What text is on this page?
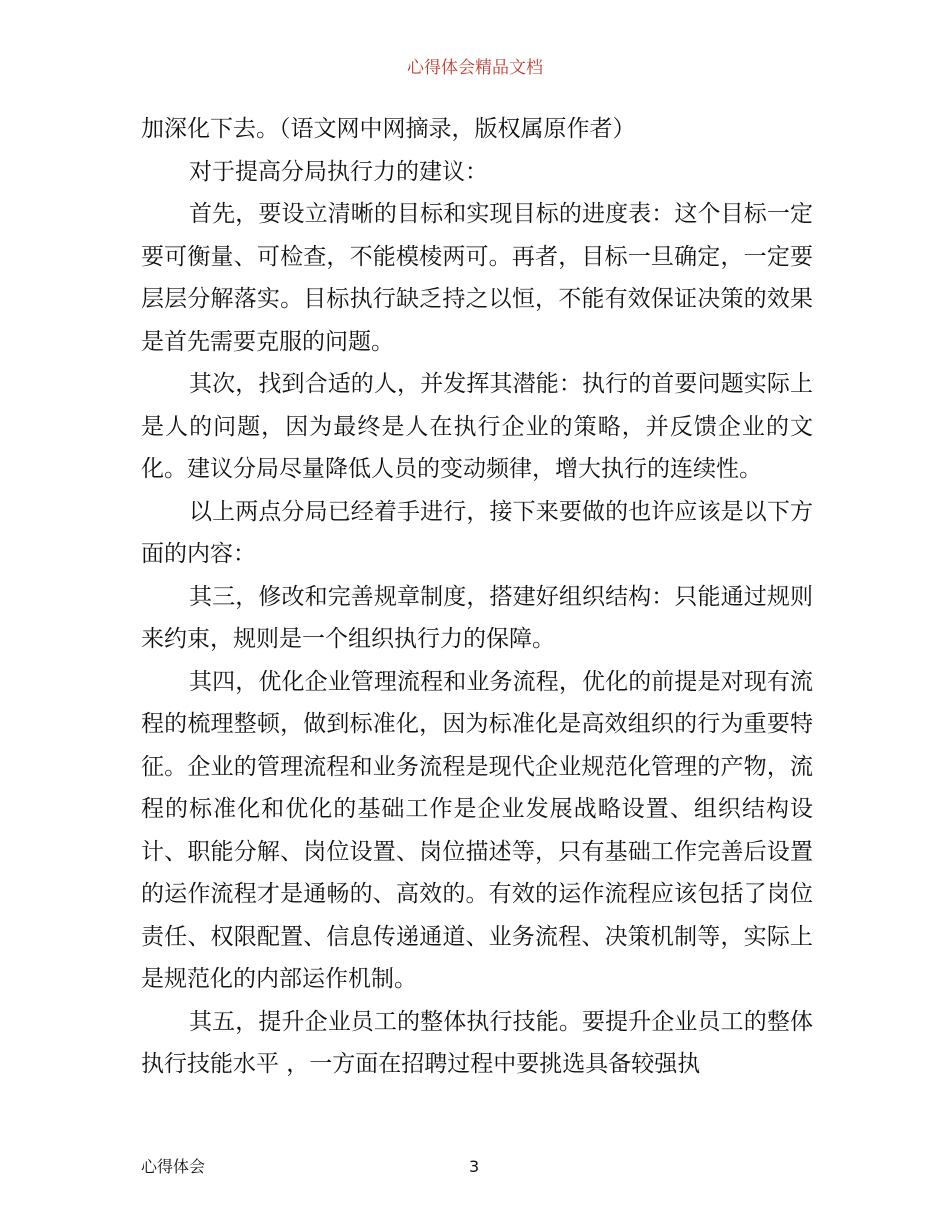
心得体会精品文档

加深化下去。（语文网中网摘录，版权属原作者）

对于提高分局执行力的建议：

首先，要设立清晰的目标和实现目标的进度表：这个目标一定要可衡量、可检查，不能模棱两可。再者，目标一旦确定，一定要层层分解落实。目标执行缺乏持之以恒，不能有效保证决策的效果是首先需要克服的问题。

其次，找到合适的人，并发挥其潜能：执行的首要问题实际上是人的问题，因为最终是人在执行企业的策略，并反馈企业的文化。建议分局尽量降低人员的变动频律，增大执行的连续性。

以上两点分局已经着手进行，接下来要做的也许应该是以下方面的内容：

其三，修改和完善规章制度，搭建好组织结构：只能通过规则来约束，规则是一个组织执行力的保障。

其四，优化企业管理流程和业务流程，优化的前提是对现有流程的梳理整顿，做到标准化，因为标准化是高效组织的行为重要特征。企业的管理流程和业务流程是现代企业规范化管理的产物，流程的标准化和优化的基础工作是企业发展战略设置、组织结构设计、职能分解、岗位设置、岗位描述等，只有基础工作完善后设置的运作流程才是通畅的、高效的。有效的运作流程应该包括了岗位责任、权限配置、信息传递通道、业务流程、决策机制等，实际上是规范化的内部运作机制。

其五，提升企业员工的整体执行技能。要提升企业员工的整体执行技能水平 ，一方面在招聘过程中要挑选具备较强执

心得体会	3
